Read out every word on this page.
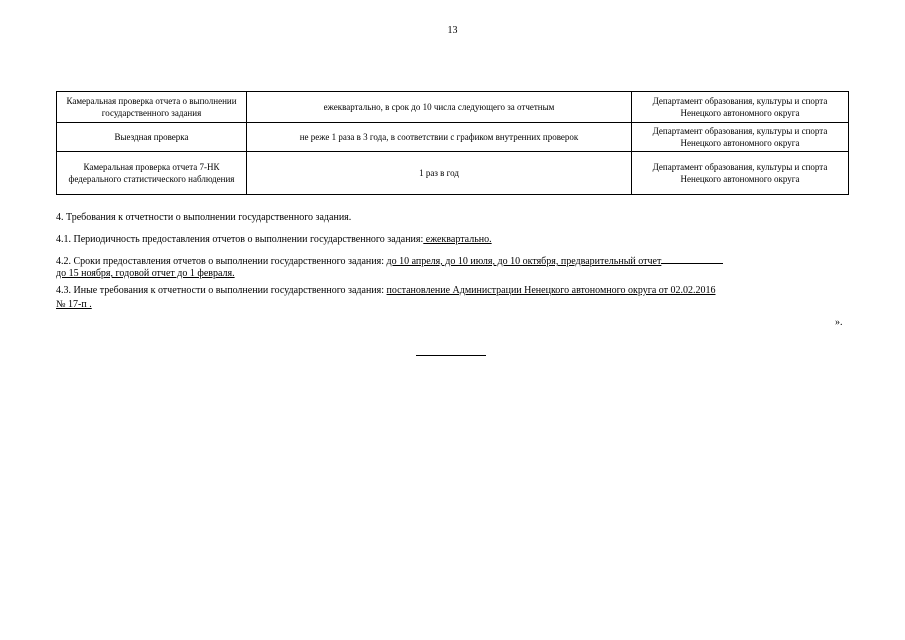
13
Камеральная проверка отчета о выполнении государственного задания	ежеквартально, в срок до 10 числа следующего за отчетным	Департамент образования, культуры и спорта Ненецкого автономного округа
Выездная проверка	не реже 1 раза в 3 года, в соответствии с графиком внутренних проверок	Департамент образования, культуры и спорта Ненецкого автономного округа
Камеральная проверка отчета 7-НК федерального статистического наблюдения	1 раз в год	Департамент образования, культуры и спорта Ненецкого автономного округа
4. Требования к отчетности о выполнении государственного задания.
4.1. Периодичность предоставления отчетов о выполнении государственного задания: ежеквартально.
4.2. Сроки предоставления отчетов о выполнении государственного задания: до 10 апреля, до 10 июля, до 10 октября, предварительный отчет
до 15 ноября, годовой отчет до 1 февраля.
4.3. Иные требования к отчетности о выполнении государственного задания: постановление Администрации Ненецкого автономного округа от 02.02.2016
№ 17-п .
».
